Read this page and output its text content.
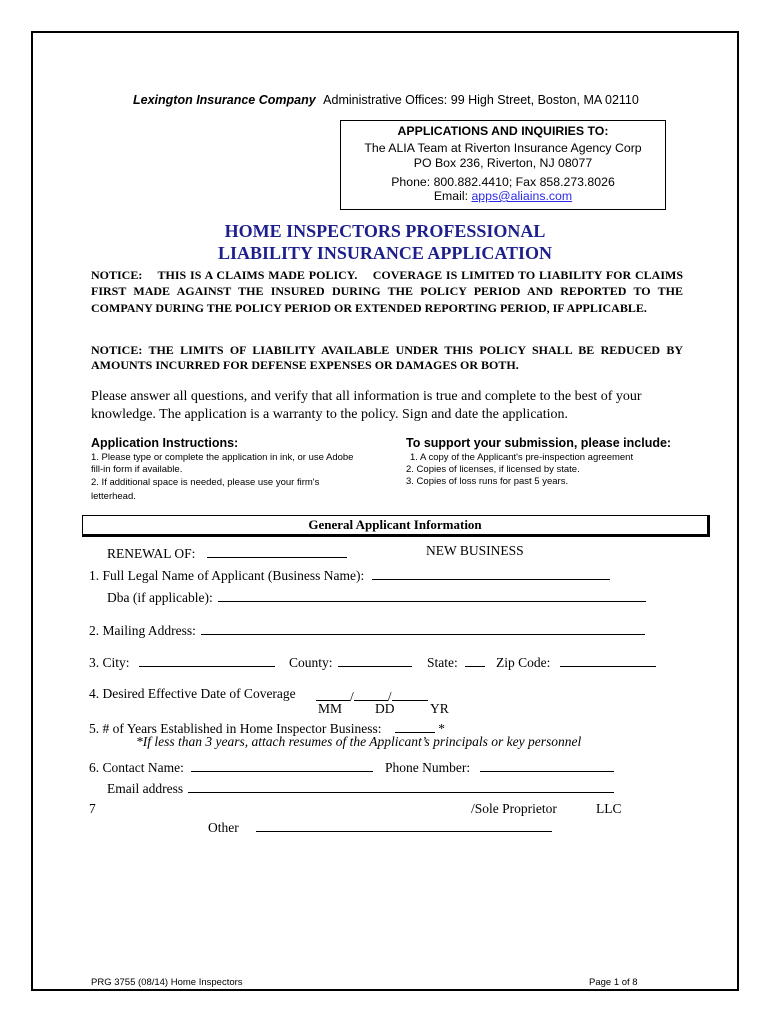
Lexington Insurance Company Administrative Offices: 99 High Street, Boston, MA 02110
APPLICATIONS AND INQUIRIES TO:
The ALIA Team at Riverton Insurance Agency Corp
PO Box 236, Riverton, NJ 08077
Phone: 800.882.4410; Fax 858.273.8026
Email: apps@aliains.com
HOME INSPECTORS PROFESSIONAL
LIABILITY INSURANCE APPLICATION
NOTICE:    THIS IS A CLAIMS MADE POLICY.    COVERAGE IS LIMITED TO LIABILITY FOR CLAIMS FIRST MADE AGAINST THE INSURED DURING THE POLICY PERIOD AND REPORTED TO THE COMPANY DURING THE POLICY PERIOD OR EXTENDED REPORTING PERIOD, IF APPLICABLE.
NOTICE: THE LIMITS OF LIABILITY AVAILABLE UNDER THIS POLICY SHALL BE REDUCED BY AMOUNTS INCURRED FOR DEFENSE EXPENSES OR DAMAGES OR BOTH.
Please answer all questions, and verify that all information is true and complete to the best of your knowledge. The application is a warranty to the policy. Sign and date the application.
Application Instructions:
1. Please type or complete the application in ink, or use Adobe fill-in form if available.
2. If additional space is needed, please use your firm's letterhead.
To support your submission, please include:
1. A copy of the Applicant's pre-inspection agreement
2. Copies of licenses, if licensed by state.
3. Copies of loss runs for past 5 years.
General Applicant Information
RENEWAL OF:	NEW BUSINESS
1. Full Legal Name of Applicant (Business Name):
Dba (if applicable):
2. Mailing Address:
3. City:	County:	State:	Zip Code:
4. Desired Effective Date of Coverage	/	/
MM DD	YR
5. # of Years Established in Home Inspector Business:	*
*If less than 3 years, attach resumes of the Applicant’s principals or key personnel
6. Contact Name:	Phone Number:
Email address
7	/Sole Proprietor	LLC
Other
PRG 3755 (08/14) Home Inspectors	Page 1 of 8
